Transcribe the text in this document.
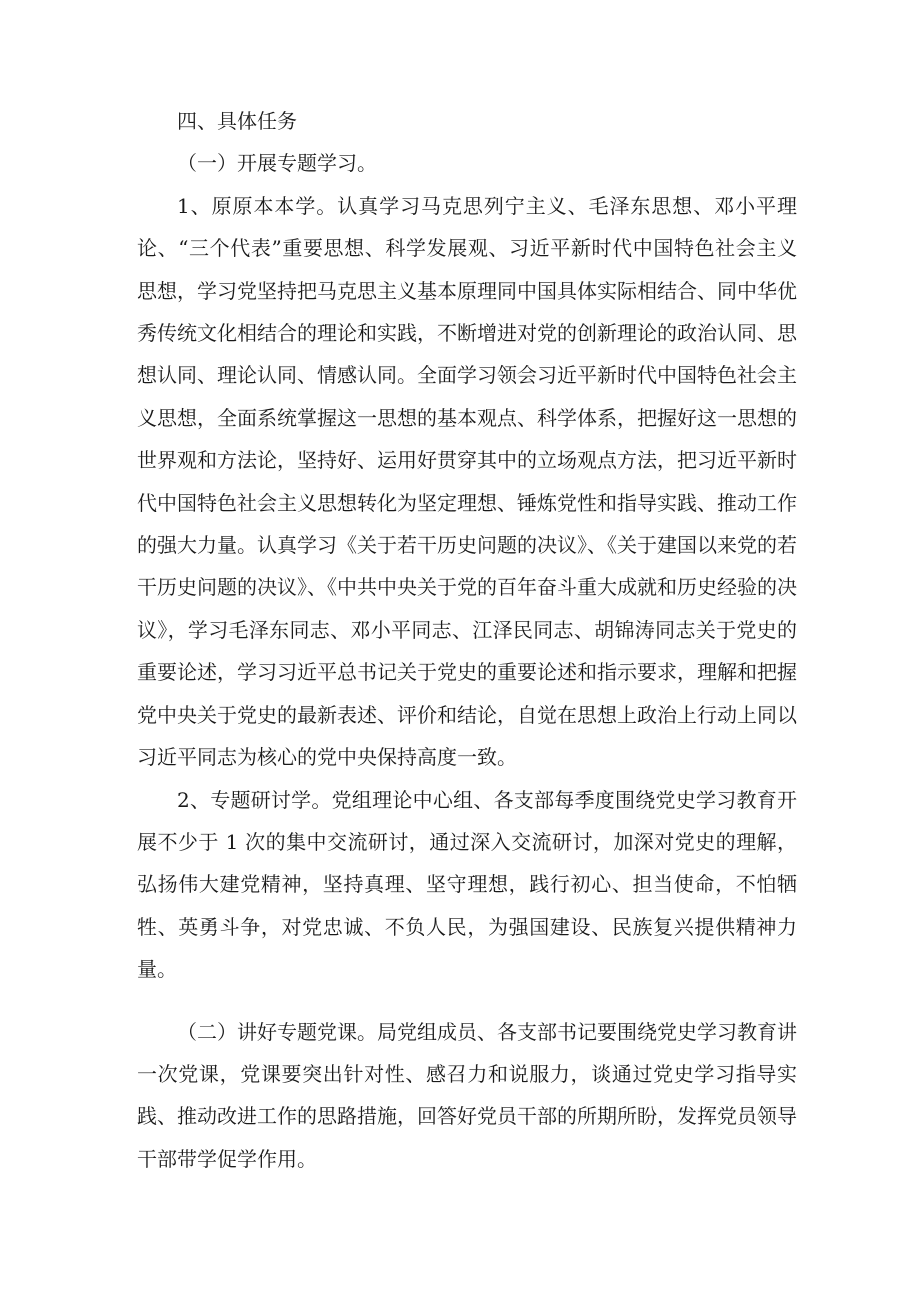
四、具体任务

（一）开展专题学习。

1、原原本本学。认真学习马克思列宁主义、毛泽东思想、邓小平理论、“三个代表”重要思想、科学发展观、习近平新时代中国特色社会主义思想，学习党坚持把马克思主义基本原理同中国具体实际相结合、同中华优秀传统文化相结合的理论和实践，不断增进对党的创新理论的政治认同、思想认同、理论认同、情感认同。全面学习领会习近平新时代中国特色社会主义思想，全面系统掌握这一思想的基本观点、科学体系，把握好这一思想的世界观和方法论，坚持好、运用好贯穿其中的立场观点方法，把习近平新时代中国特色社会主义思想转化为坚定理想、锤炼党性和指导实践、推动工作的强大力量。认真学习《关于若干历史问题的决议》、《关于建国以来党的若干历史问题的决议》、《中共中央关于党的百年奋斗重大成就和历史经验的决议》，学习毛泽东同志、邓小平同志、江泽民同志、胡锦涛同志关于党史的重要论述，学习习近平总书记关于党史的重要论述和指示要求，理解和把握党中央关于党史的最新表述、评价和结论，自觉在思想上政治上行动上同以习近平同志为核心的党中央保持高度一致。

2、专题研讨学。党组理论中心组、各支部每季度围绕党史学习教育开展不少于 1 次的集中交流研讨，通过深入交流研讨，加深对党史的理解，弘扬伟大建党精神，坚持真理、坚守理想，践行初心、担当使命，不怕牺牲、英勇斗争，对党忠诚、不负人民，为强国建设、民族复兴提供精神力量。

（二）讲好专题党课。局党组成员、各支部书记要围绕党史学习教育讲一次党课，党课要突出针对性、感召力和说服力，谈通过党史学习指导实践、推动改进工作的思路措施，回答好党员干部的所期所盼，发挥党员领导干部带学促学作用。
